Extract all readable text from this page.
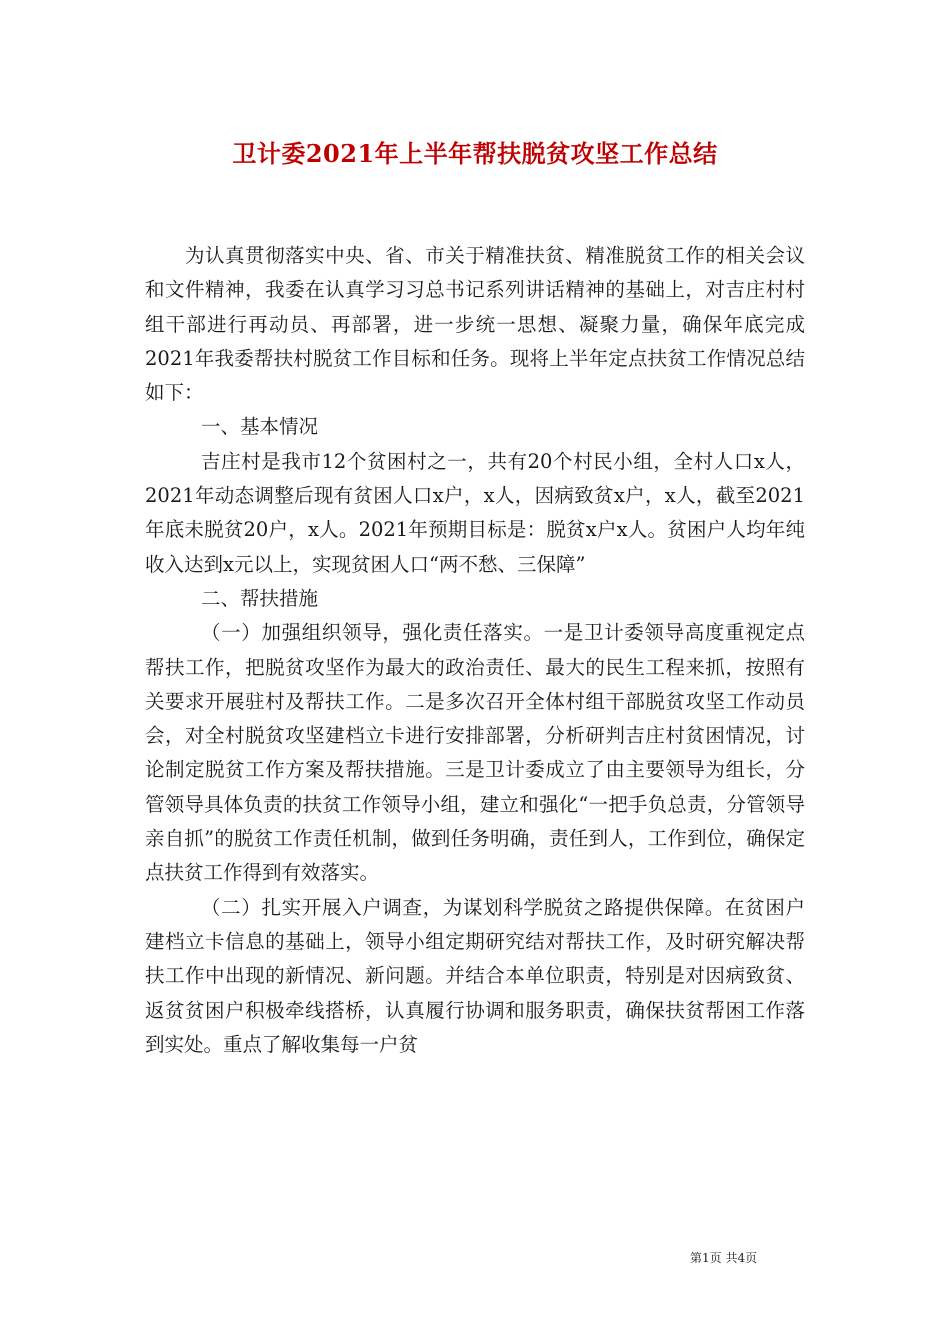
卫计委2021年上半年帮扶脱贫攻坚工作总结

为认真贯彻落实中央、省、市关于精准扶贫、精准脱贫工作的相关会议和文件精神，我委在认真学习习总书记系列讲话精神的基础上，对吉庄村村组干部进行再动员、再部署，进一步统一思想、凝聚力量，确保年底完成2021年我委帮扶村脱贫工作目标和任务。现将上半年定点扶贫工作情况总结如下：

一、基本情况

吉庄村是我市12个贫困村之一，共有20个村民小组，全村人口x人，2021年动态调整后现有贫困人口x户，x人，因病致贫x户，x人，截至2021年底未脱贫20户，x人。2021年预期目标是：脱贫x户x人。贫困户人均年纯收入达到x元以上，实现贫困人口“两不愁、三保障”

二、帮扶措施

（一）加强组织领导，强化责任落实。一是卫计委领导高度重视定点帮扶工作，把脱贫攻坚作为最大的政治责任、最大的民生工程来抓，按照有关要求开展驻村及帮扶工作。二是多次召开全体村组干部脱贫攻坚工作动员会，对全村脱贫攻坚建档立卡进行安排部署，分析研判吉庄村贫困情况，讨论制定脱贫工作方案及帮扶措施。三是卫计委成立了由主要领导为组长，分管领导具体负责的扶贫工作领导小组，建立和强化“一把手负总责，分管领导亲自抓”的脱贫工作责任机制，做到任务明确，责任到人，工作到位，确保定点扶贫工作得到有效落实。

（二）扎实开展入户调查，为谋划科学脱贫之路提供保障。在贫困户建档立卡信息的基础上，领导小组定期研究结对帮扶工作，及时研究解决帮扶工作中出现的新情况、新问题。并结合本单位职责，特别是对因病致贫、返贫贫困户积极牵线搭桥，认真履行协调和服务职责，确保扶贫帮困工作落到实处。重点了解收集每一户贫

第1页 共4页
